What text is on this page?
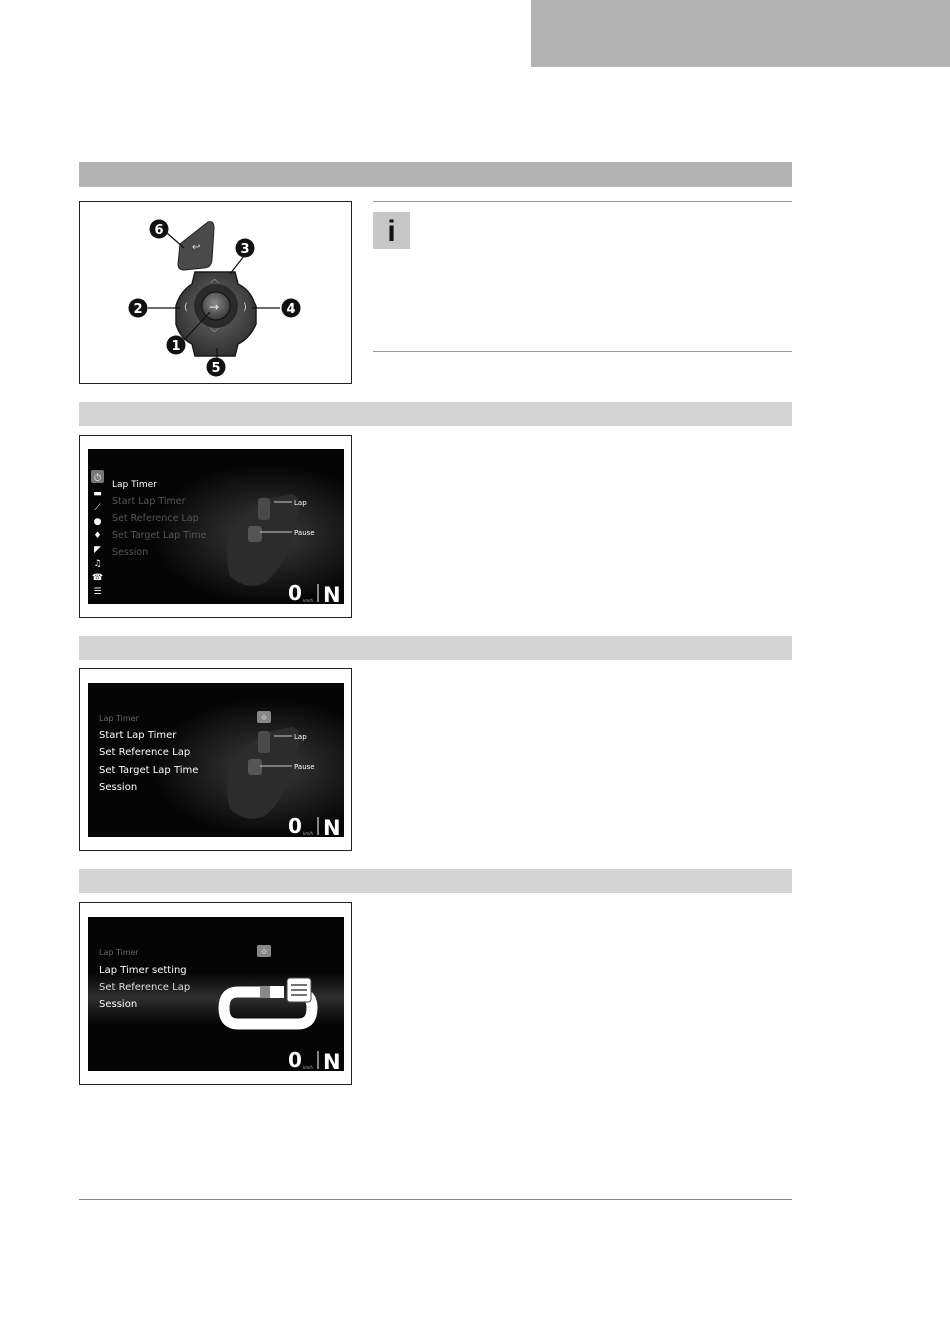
↩
→
︿
﹀
(	)
6
3
2	4
1
5
i
⏱
▬
⟋
●
♦
◤
♫
☎
☰
Lap Timer
Start Lap Timer
Set Reference Lap
Set Target Lap Time
Session
Lap
Pause
0 km/h N
Lap Timer	⟐
Start Lap Timer
Set Reference Lap
Set Target Lap Time
Session
Lap
Pause
0 km/h N
Lap Timer	⟐
Lap Timer setting
Set Reference Lap
Session
0 km/h N
